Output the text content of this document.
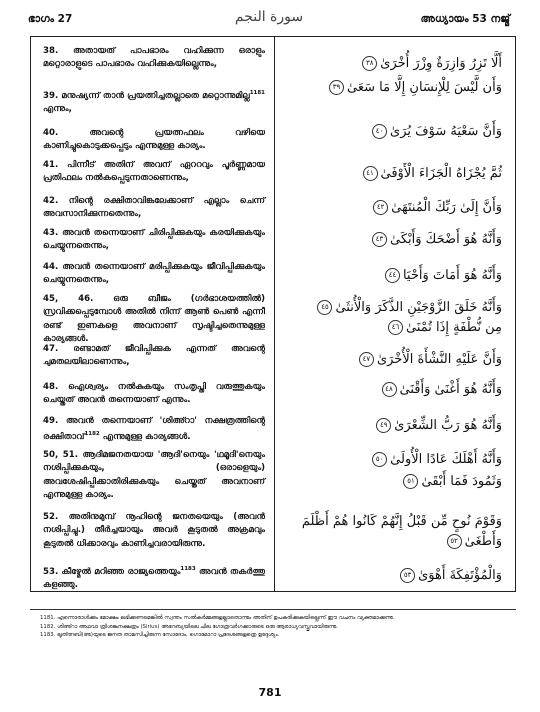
ഭാഗം 27	سورة النجم	അധ്യായം 53 നജ്മ്

38. അതായത് പാപഭാരം വഹിക്കുന്ന ഒരാളും മറ്റൊരാളുടെ പാപഭാരം വഹിക്കുകയില്ലെന്നും,

39. മനുഷ്യന്ന് താൻ പ്രയത്നിച്ചതല്ലാതെ മറ്റൊന്നുമില്ല$^{1181}$ എന്നും,

40. അവന്റെ പ്രയത്നഫലം വഴിയെ കാണിച്ചുകൊടുക്കപ്പെടും എന്നുമുള്ള കാര്യം.

41. പിന്നീട് അതിന് അവന് ഏററവും പൂർണ്ണമായ പ്രതിഫലം നൽകപ്പെടുന്നതാണെന്നും,

42. നിന്റെ രക്ഷിതാവിങ്കലേക്കാണ് എല്ലാം ചെന്ന് അവസാനിക്കുന്നതെന്നും,

43. അവൻ തന്നെയാണ് ചിരിപ്പിക്കുകയും കരയിക്കുകയും ചെയ്യുന്നതെന്നും,

44. അവൻ തന്നെയാണ് മരിപ്പിക്കുകയും ജീവിപ്പിക്കുകയും ചെയ്യുന്നതെന്നും,

45, 46. ഒരു ബീജം (ഗർഭാശയത്തിൽ) സ്രവിക്കപ്പെടുമ്പോൾ അതിൽ നിന്ന് ആൺ പെൺ എന്നീ രണ്ട് ഇണകളെ അവനാണ് സൃഷ്ടിച്ചതെന്നുമുള്ള കാര്യങ്ങൾ.

47. രണ്ടാമത് ജീവിപ്പിക്കുക എന്നത് അവന്റെ ചുമതലയിലാണെന്നും,

48. ഐശ്വര്യം നൽകുകയും സംതൃപ്തി വരുത്തുകയും ചെയ്തത് അവൻ തന്നെയാണ് എന്നും.

49. അവൻ തന്നെയാണ് 'ശിഅ്റാ' നക്ഷത്രത്തിന്റെ രക്ഷിതാവ്$^{1182}$ എന്നുമുള്ള കാര്യങ്ങൾ.

50, 51. ആദിമജനതയായ 'ആദി'നെയും 'ഥമൂദി'നെയും നശിപ്പിക്കുകയും, (ഒരാളെയും) അവശേഷിപ്പിക്കാതിരിക്കുകയും ചെയ്തത് അവനാണ് എന്നുമുള്ള കാര്യം.

52. അതിനുമുമ്പ് നൂഹിന്റെ ജനതയെയും (അവൻ നശിപ്പിച്ചു.) തീർച്ചയായും അവർ കൂടുതൽ അക്രമവും കൂടുതൽ ധിക്കാരവും കാണിച്ചവരായിരുന്നു.

53. കീഴ്മേൽ മറിഞ്ഞ രാജ്യത്തെയും$^{1183}$ അവൻ തകർത്തു കളഞ്ഞു.

أَلَّا تَزِرُ وَازِرَةٌ وِزْرَ أُخْرَىٰ٣٨
وَأَن لَّيْسَ لِلْإِنسَانِ إِلَّا مَا سَعَىٰ٣٩
وَأَنَّ سَعْيَهُ سَوْفَ يُرَىٰ٤٠
ثُمَّ يُجْزَاهُ الْجَزَاءَ الْأَوْفَىٰ٤١
وَأَنَّ إِلَىٰ رَبِّكَ الْمُنتَهَىٰ٤٢
وَأَنَّهُ هُوَ أَضْحَكَ وَأَبْكَىٰ٤٣
وَأَنَّهُ هُوَ أَمَاتَ وَأَحْيَا٤٤
وَأَنَّهُ خَلَقَ الزَّوْجَيْنِ الذَّكَرَ وَالْأُنثَىٰ٤٥
مِن نُّطْفَةٍ إِذَا تُمْنَىٰ٤٦
وَأَنَّ عَلَيْهِ النَّشْأَةَ الْأُخْرَىٰ٤٧
وَأَنَّهُ هُوَ أَغْنَىٰ وَأَقْنَىٰ٤٨
وَأَنَّهُ هُوَ رَبُّ الشِّعْرَىٰ٤٩
وَأَنَّهُ أَهْلَكَ عَادًا الْأُولَىٰ٥٠
وَثَمُودَ فَمَا أَبْقَىٰ٥١
وَقَوْمَ نُوحٍ مِّن قَبْلُ إِنَّهُمْ كَانُوا هُمْ أَظْلَمَ
وَأَطْغَىٰ٥٢
وَالْمُؤْتَفِكَةَ أَهْوَىٰ٥٣
1181. എന്നൊരാൾക്കും മോക്ഷം ലഭിക്കണമെങ്കിൽ സ്വന്തം സൽകർമ്മങ്ങളല്ലാതൊന്നും അതിന് ഉപകരിക്കുകയില്ലെന്ന് ഈ വചനം വ്യക്തമാക്കുന്നു.
1182. ശിഅ്റാ അഥവാ ത്രിശങ്കുനക്ഷത്രം (Sirius) അറേബ്യയിലെ ചില ഗോത്രവർഗക്കാരുടെ ഒരു ആരാധ്യവസ്തുവായിരുന്നു.
1183. ലൂത്ത്നബി(അ)യുടെ ജനത താമസിച്ചിരുന്ന സോദോം, ഗൊമോറാ പ്രദേശങ്ങളത്രെ ഉദ്ദേശ്യം.
781
